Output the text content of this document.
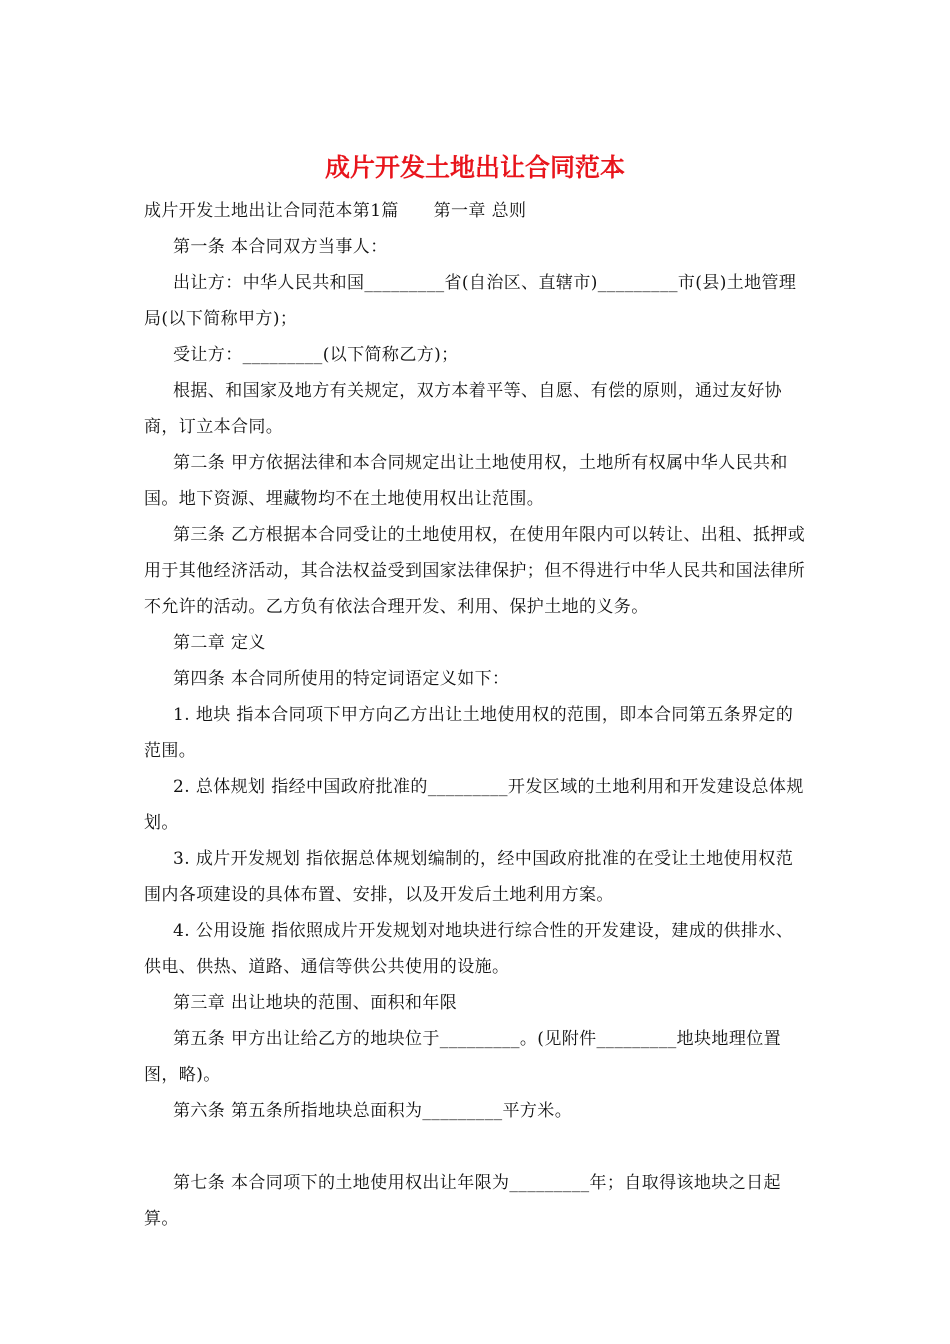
成片开发土地出让合同范本

成片开发土地出让合同范本第1篇　　第一章 总则

第一条 本合同双方当事人：

出让方：中华人民共和国_________省(自治区、直辖市)_________市(县)土地管理局(以下简称甲方)；

受让方：_________(以下简称乙方)；

根据、和国家及地方有关规定，双方本着平等、自愿、有偿的原则，通过友好协商，订立本合同。

第二条 甲方依据法律和本合同规定出让土地使用权，土地所有权属中华人民共和国。地下资源、埋藏物均不在土地使用权出让范围。

第三条 乙方根据本合同受让的土地使用权，在使用年限内可以转让、出租、抵押或用于其他经济活动，其合法权益受到国家法律保护；但不得进行中华人民共和国法律所不允许的活动。乙方负有依法合理开发、利用、保护土地的义务。

第二章 定义

第四条 本合同所使用的特定词语定义如下：

1. 地块 指本合同项下甲方向乙方出让土地使用权的范围，即本合同第五条界定的范围。

2. 总体规划 指经中国政府批准的_________开发区域的土地利用和开发建设总体规划。

3. 成片开发规划 指依据总体规划编制的，经中国政府批准的在受让土地使用权范围内各项建设的具体布置、安排，以及开发后土地利用方案。

4. 公用设施 指依照成片开发规划对地块进行综合性的开发建设，建成的供排水、供电、供热、道路、通信等供公共使用的设施。

第三章 出让地块的范围、面积和年限

第五条 甲方出让给乙方的地块位于_________。(见附件_________地块地理位置图，略)。

第六条 第五条所指地块总面积为_________平方米。

第七条 本合同项下的土地使用权出让年限为_________年；自取得该地块之日起算。
